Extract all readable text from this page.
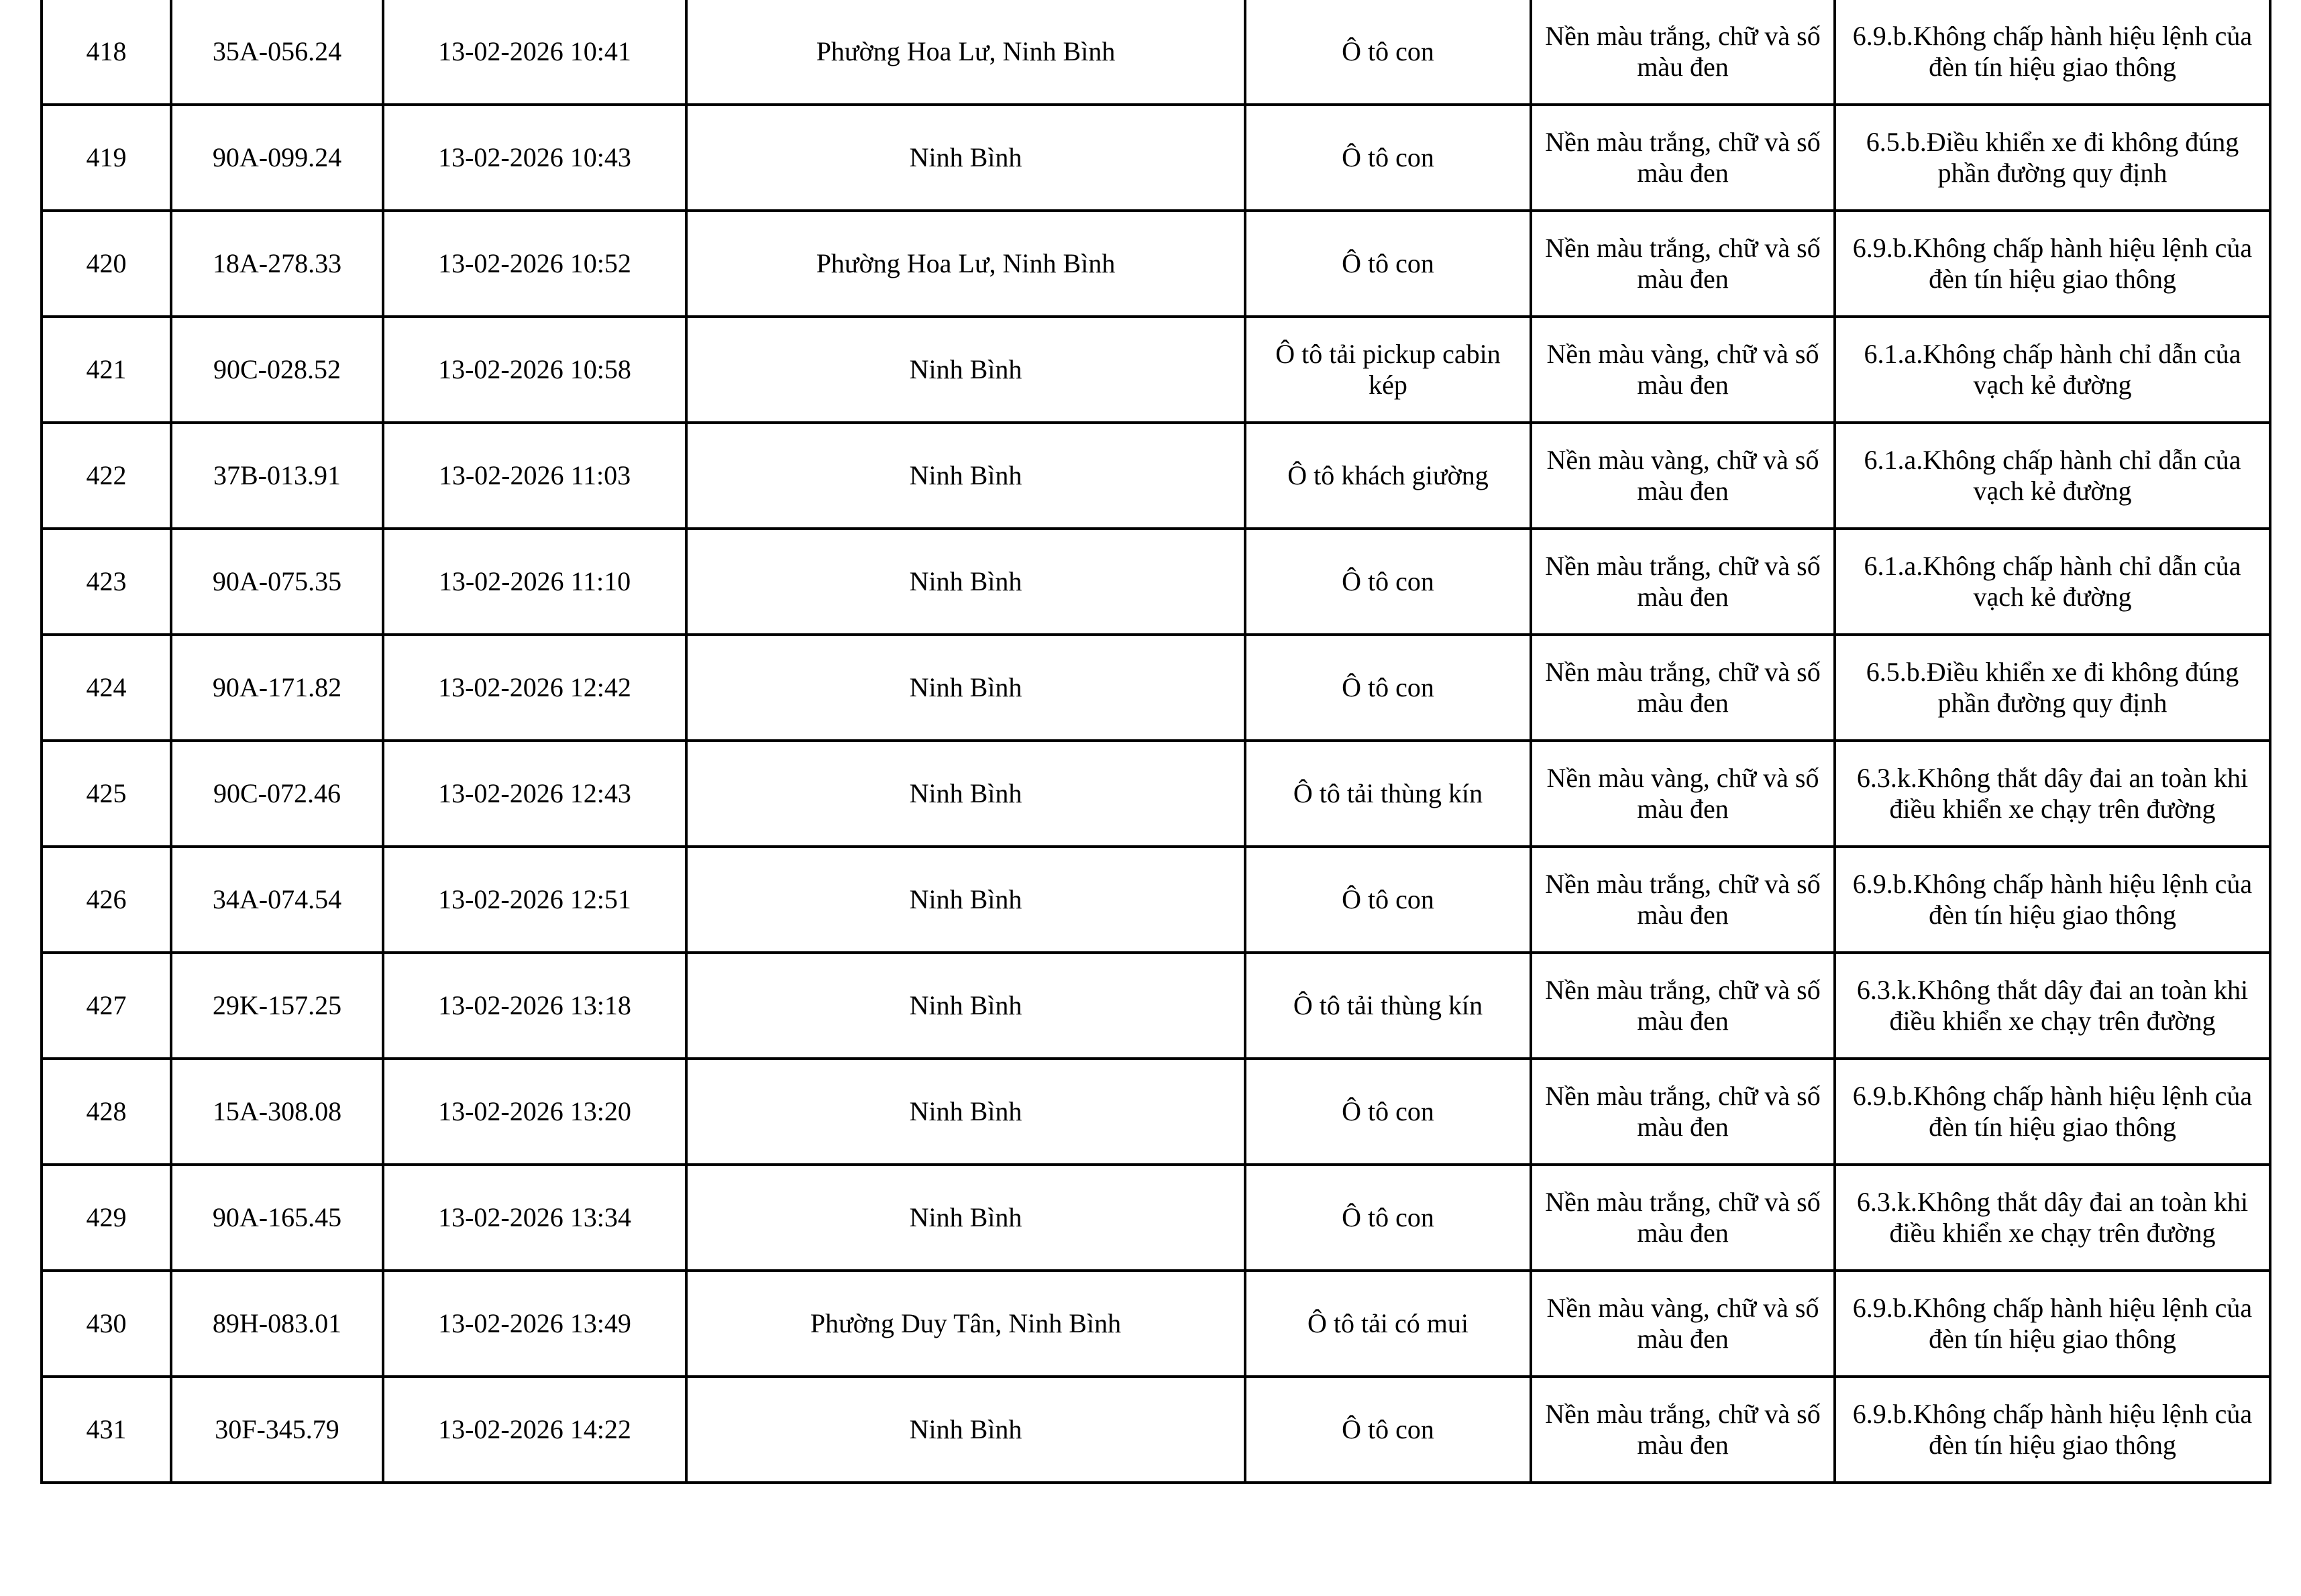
418	35A-056.24	13-02-2026 10:41	Phường Hoa Lư, Ninh Bình	Ô tô con	Nền màu trắng, chữ và số màu đen	6.9.b.Không chấp hành hiệu lệnh của đèn tín hiệu giao thông
419	90A-099.24	13-02-2026 10:43	Ninh Bình	Ô tô con	Nền màu trắng, chữ và số màu đen	6.5.b.Điều khiển xe đi không đúng phần đường quy định
420	18A-278.33	13-02-2026 10:52	Phường Hoa Lư, Ninh Bình	Ô tô con	Nền màu trắng, chữ và số màu đen	6.9.b.Không chấp hành hiệu lệnh của đèn tín hiệu giao thông
421	90C-028.52	13-02-2026 10:58	Ninh Bình	Ô tô tải pickup cabin kép	Nền màu vàng, chữ và số màu đen	6.1.a.Không chấp hành chỉ dẫn của vạch kẻ đường
422	37B-013.91	13-02-2026 11:03	Ninh Bình	Ô tô khách giường	Nền màu vàng, chữ và số màu đen	6.1.a.Không chấp hành chỉ dẫn của vạch kẻ đường
423	90A-075.35	13-02-2026 11:10	Ninh Bình	Ô tô con	Nền màu trắng, chữ và số màu đen	6.1.a.Không chấp hành chỉ dẫn của vạch kẻ đường
424	90A-171.82	13-02-2026 12:42	Ninh Bình	Ô tô con	Nền màu trắng, chữ và số màu đen	6.5.b.Điều khiển xe đi không đúng phần đường quy định
425	90C-072.46	13-02-2026 12:43	Ninh Bình	Ô tô tải thùng kín	Nền màu vàng, chữ và số màu đen	6.3.k.Không thắt dây đai an toàn khi điều khiển xe chạy trên đường
426	34A-074.54	13-02-2026 12:51	Ninh Bình	Ô tô con	Nền màu trắng, chữ và số màu đen	6.9.b.Không chấp hành hiệu lệnh của đèn tín hiệu giao thông
427	29K-157.25	13-02-2026 13:18	Ninh Bình	Ô tô tải thùng kín	Nền màu trắng, chữ và số màu đen	6.3.k.Không thắt dây đai an toàn khi điều khiển xe chạy trên đường
428	15A-308.08	13-02-2026 13:20	Ninh Bình	Ô tô con	Nền màu trắng, chữ và số màu đen	6.9.b.Không chấp hành hiệu lệnh của đèn tín hiệu giao thông
429	90A-165.45	13-02-2026 13:34	Ninh Bình	Ô tô con	Nền màu trắng, chữ và số màu đen	6.3.k.Không thắt dây đai an toàn khi điều khiển xe chạy trên đường
430	89H-083.01	13-02-2026 13:49	Phường Duy Tân, Ninh Bình	Ô tô tải có mui	Nền màu vàng, chữ và số màu đen	6.9.b.Không chấp hành hiệu lệnh của đèn tín hiệu giao thông
431	30F-345.79	13-02-2026 14:22	Ninh Bình	Ô tô con	Nền màu trắng, chữ và số màu đen	6.9.b.Không chấp hành hiệu lệnh của đèn tín hiệu giao thông
